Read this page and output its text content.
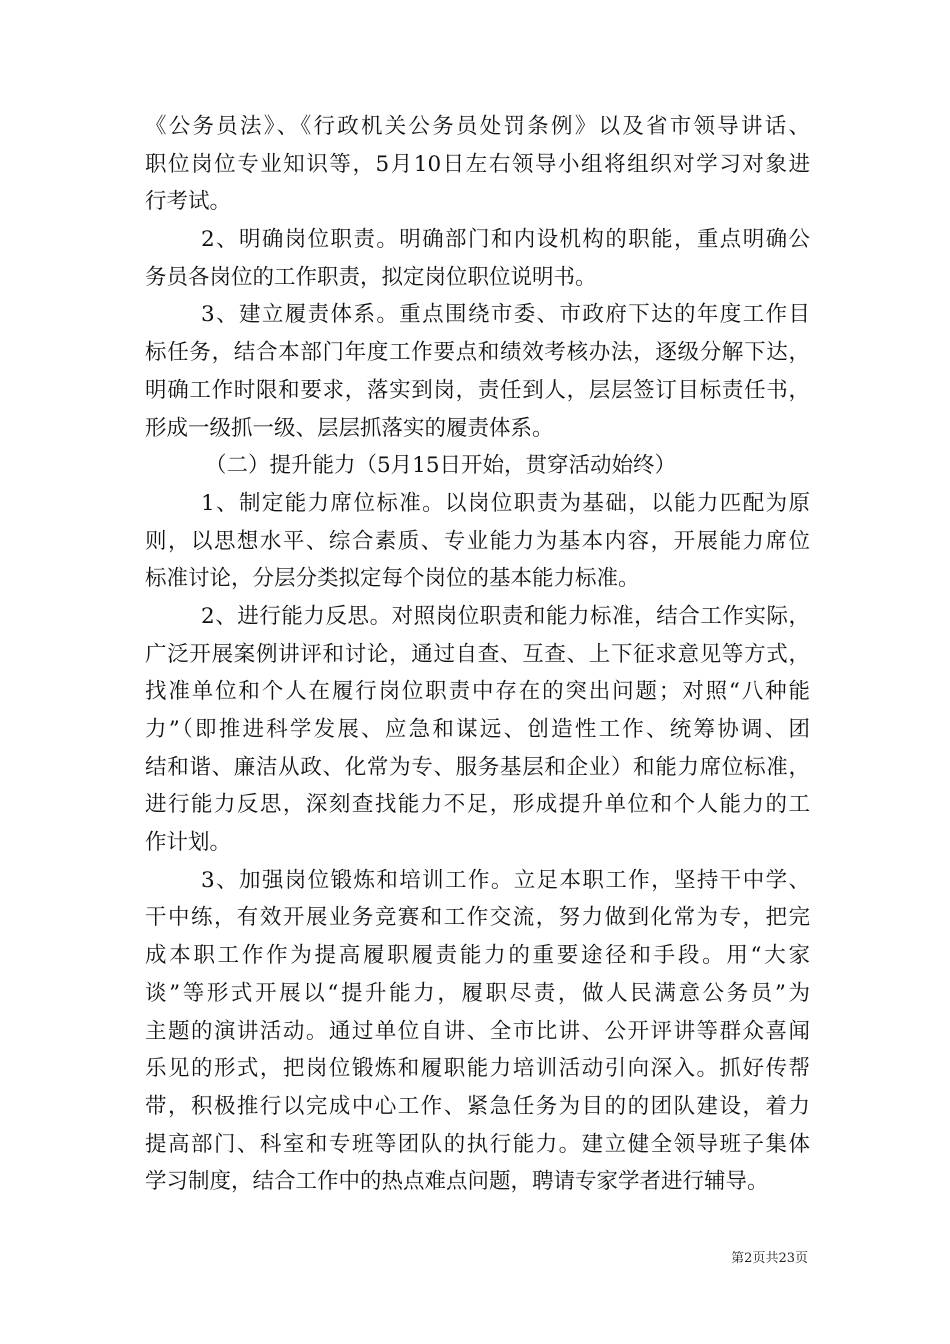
《公务员法》、《行政机关公务员处罚条例》以及省市领导讲话、
职位岗位专业知识等，5月10日左右领导小组将组织对学习对象进
行考试。
2、明确岗位职责。明确部门和内设机构的职能，重点明确公
务员各岗位的工作职责，拟定岗位职位说明书。
3、建立履责体系。重点围绕市委、市政府下达的年度工作目
标任务，结合本部门年度工作要点和绩效考核办法，逐级分解下达，
明确工作时限和要求，落实到岗，责任到人，层层签订目标责任书，
形成一级抓一级、层层抓落实的履责体系。
（二）提升能力（5月15日开始，贯穿活动始终）
1、制定能力席位标准。以岗位职责为基础，以能力匹配为原
则，以思想水平、综合素质、专业能力为基本内容，开展能力席位
标准讨论，分层分类拟定每个岗位的基本能力标准。
2、进行能力反思。对照岗位职责和能力标准，结合工作实际，
广泛开展案例讲评和讨论，通过自查、互查、上下征求意见等方式，
找准单位和个人在履行岗位职责中存在的突出问题；对照“八种能
力”（即推进科学发展、应急和谋远、创造性工作、统筹协调、团
结和谐、廉洁从政、化常为专、服务基层和企业）和能力席位标准，
进行能力反思，深刻查找能力不足，形成提升单位和个人能力的工
作计划。
3、加强岗位锻炼和培训工作。立足本职工作，坚持干中学、
干中练，有效开展业务竞赛和工作交流，努力做到化常为专，把完
成本职工作作为提高履职履责能力的重要途径和手段。用“大家
谈”等形式开展以“提升能力，履职尽责，做人民满意公务员”为
主题的演讲活动。通过单位自讲、全市比讲、公开评讲等群众喜闻
乐见的形式，把岗位锻炼和履职能力培训活动引向深入。抓好传帮
带，积极推行以完成中心工作、紧急任务为目的的团队建设，着力
提高部门、科室和专班等团队的执行能力。建立健全领导班子集体
学习制度，结合工作中的热点难点问题，聘请专家学者进行辅导。
第2页共23页
